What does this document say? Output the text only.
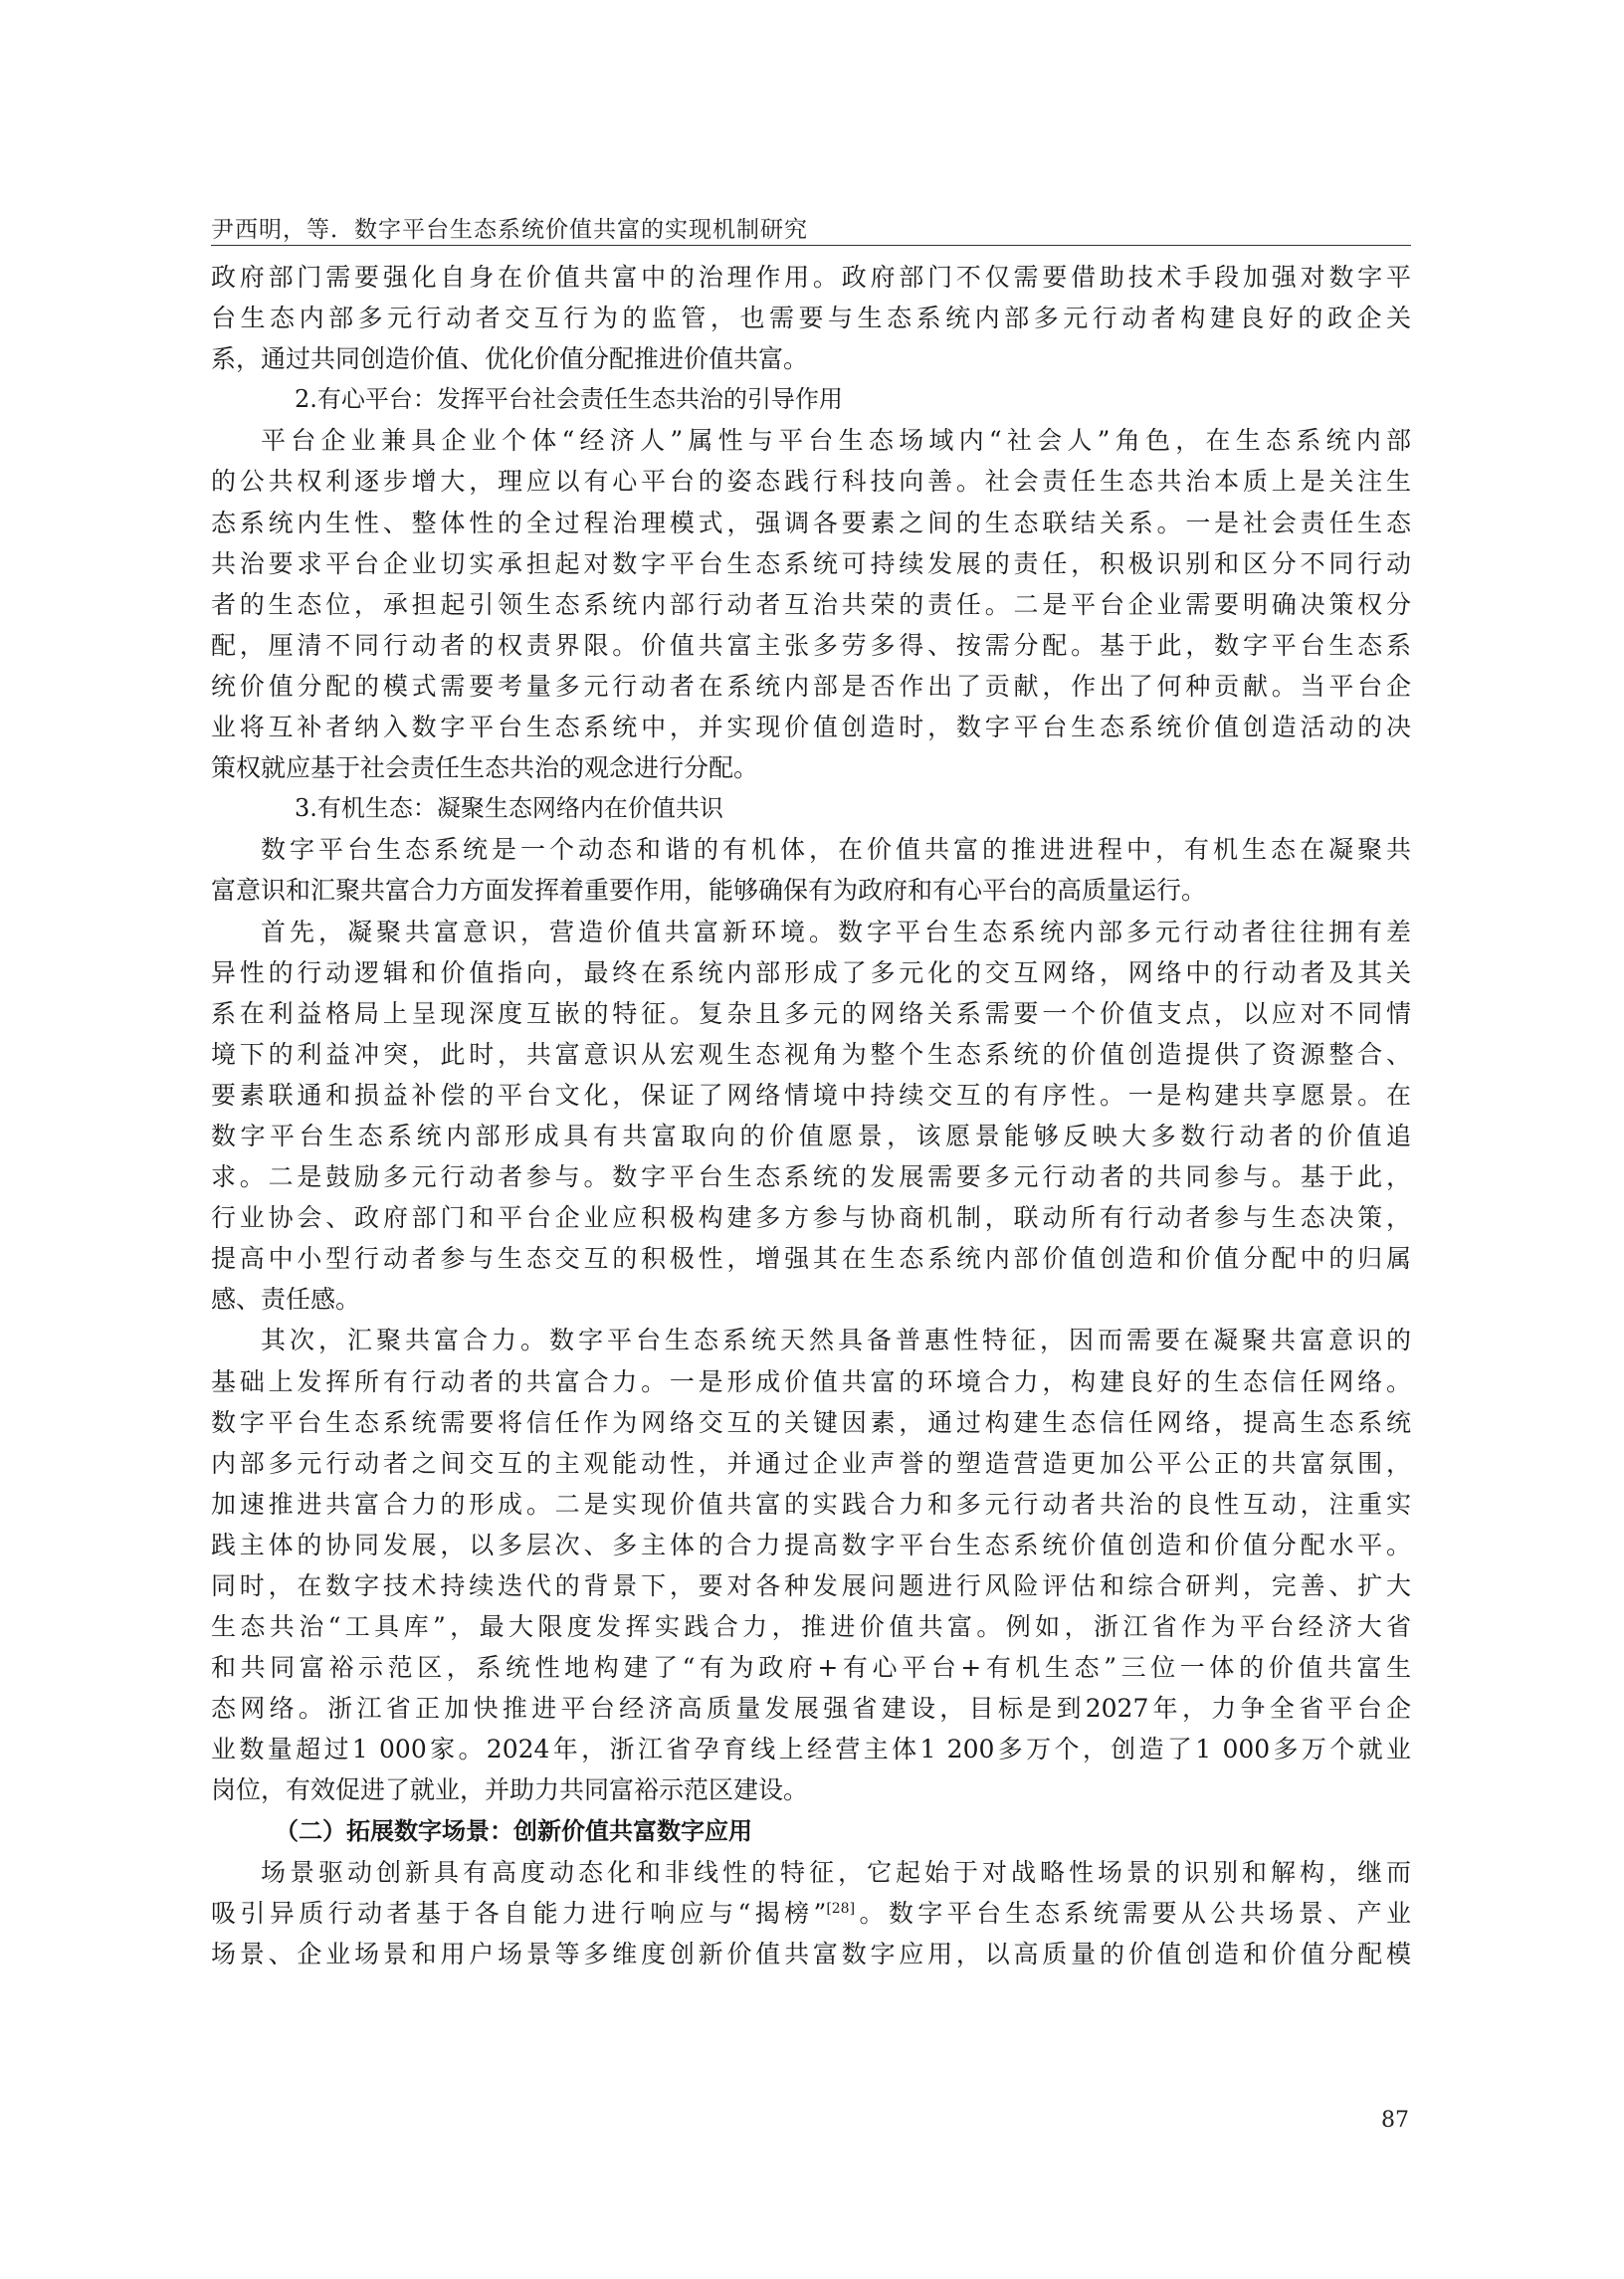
尹西明，等．数字平台生态系统价值共富的实现机制研究
政府部门需要强化自身在价值共富中的治理作用。政府部门不仅需要借助技术手段加强对数字平
台生态内部多元行动者交互行为的监管，也需要与生态系统内部多元行动者构建良好的政企关
系，通过共同创造价值、优化价值分配推进价值共富。
2.有心平台：发挥平台社会责任生态共治的引导作用
平台企业兼具企业个体“经济人”属性与平台生态场域内“社会人”角色，在生态系统内部
的公共权利逐步增大，理应以有心平台的姿态践行科技向善。社会责任生态共治本质上是关注生
态系统内生性、整体性的全过程治理模式，强调各要素之间的生态联结关系。一是社会责任生态
共治要求平台企业切实承担起对数字平台生态系统可持续发展的责任，积极识别和区分不同行动
者的生态位，承担起引领生态系统内部行动者互治共荣的责任。二是平台企业需要明确决策权分
配，厘清不同行动者的权责界限。价值共富主张多劳多得、按需分配。基于此，数字平台生态系
统价值分配的模式需要考量多元行动者在系统内部是否作出了贡献，作出了何种贡献。当平台企
业将互补者纳入数字平台生态系统中，并实现价值创造时，数字平台生态系统价值创造活动的决
策权就应基于社会责任生态共治的观念进行分配。
3.有机生态：凝聚生态网络内在价值共识
数字平台生态系统是一个动态和谐的有机体，在价值共富的推进进程中，有机生态在凝聚共
富意识和汇聚共富合力方面发挥着重要作用，能够确保有为政府和有心平台的高质量运行。
首先，凝聚共富意识，营造价值共富新环境。数字平台生态系统内部多元行动者往往拥有差
异性的行动逻辑和价值指向，最终在系统内部形成了多元化的交互网络，网络中的行动者及其关
系在利益格局上呈现深度互嵌的特征。复杂且多元的网络关系需要一个价值支点，以应对不同情
境下的利益冲突，此时，共富意识从宏观生态视角为整个生态系统的价值创造提供了资源整合、
要素联通和损益补偿的平台文化，保证了网络情境中持续交互的有序性。一是构建共享愿景。在
数字平台生态系统内部形成具有共富取向的价值愿景，该愿景能够反映大多数行动者的价值追
求。二是鼓励多元行动者参与。数字平台生态系统的发展需要多元行动者的共同参与。基于此，
行业协会、政府部门和平台企业应积极构建多方参与协商机制，联动所有行动者参与生态决策，
提高中小型行动者参与生态交互的积极性，增强其在生态系统内部价值创造和价值分配中的归属
感、责任感。
其次，汇聚共富合力。数字平台生态系统天然具备普惠性特征，因而需要在凝聚共富意识的
基础上发挥所有行动者的共富合力。一是形成价值共富的环境合力，构建良好的生态信任网络。
数字平台生态系统需要将信任作为网络交互的关键因素，通过构建生态信任网络，提高生态系统
内部多元行动者之间交互的主观能动性，并通过企业声誉的塑造营造更加公平公正的共富氛围，
加速推进共富合力的形成。二是实现价值共富的实践合力和多元行动者共治的良性互动，注重实
践主体的协同发展，以多层次、多主体的合力提高数字平台生态系统价值创造和价值分配水平。
同时，在数字技术持续迭代的背景下，要对各种发展问题进行风险评估和综合研判，完善、扩大
生态共治“工具库”，最大限度发挥实践合力，推进价值共富。例如，浙江省作为平台经济大省
和共同富裕示范区，系统性地构建了“有为政府+有心平台+有机生态”三位一体的价值共富生
态网络。浙江省正加快推进平台经济高质量发展强省建设，目标是到2027年，力争全省平台企
业数量超过1 000家。2024年，浙江省孕育线上经营主体1 200多万个，创造了1 000多万个就业
岗位，有效促进了就业，并助力共同富裕示范区建设。
（二）拓展数字场景：创新价值共富数字应用
场景驱动创新具有高度动态化和非线性的特征，它起始于对战略性场景的识别和解构，继而
吸引异质行动者基于各自能力进行响应与“揭榜”[28]。数字平台生态系统需要从公共场景、产业
场景、企业场景和用户场景等多维度创新价值共富数字应用，以高质量的价值创造和价值分配模
87
